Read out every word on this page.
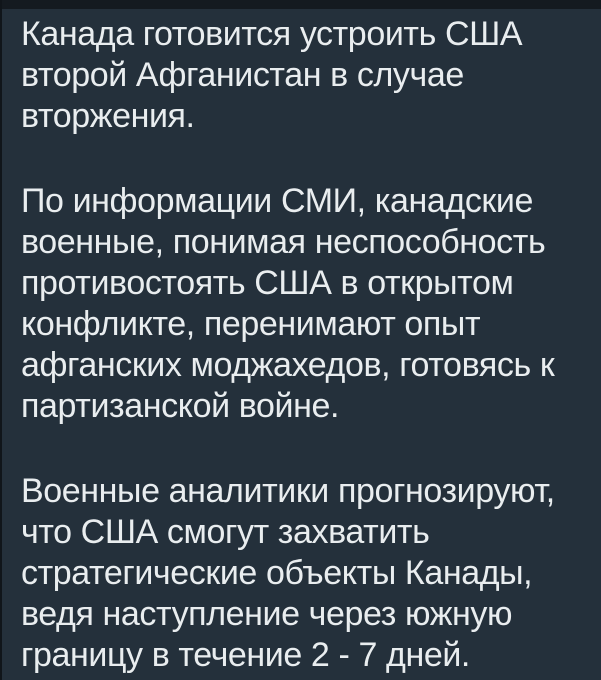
Канада готовится устроить США
второй Афганистан в случае
вторжения.
По информации СМИ, канадские
военные, понимая неспособность
противостоять США в открытом
конфликте, перенимают опыт
афганских моджахедов, готовясь к
партизанской войне.
Военные аналитики прогнозируют,
что США смогут захватить
стратегические объекты Канады,
ведя наступление через южную
границу в течение 2 - 7 дней.
